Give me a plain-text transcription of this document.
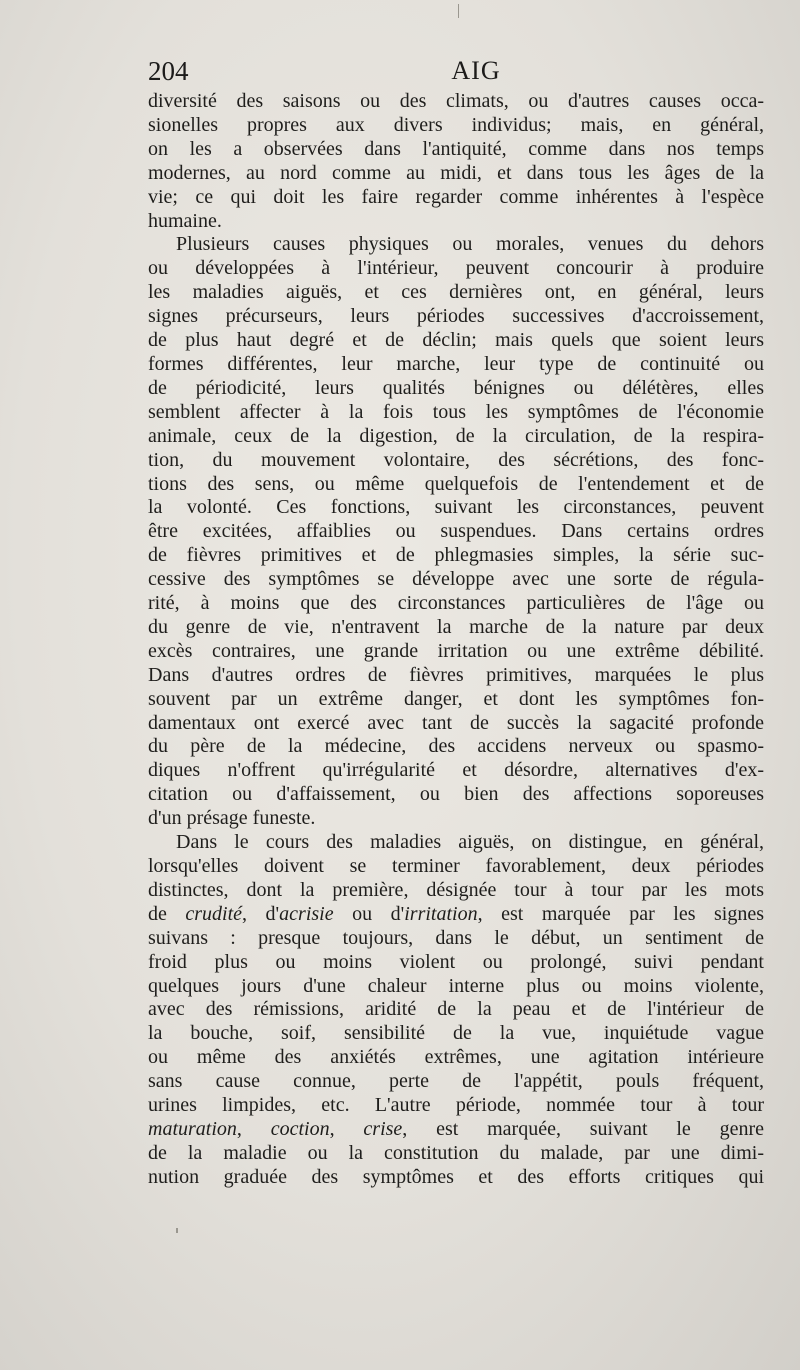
204	AIG

diversité des saisons ou des climats, ou d'autres causes occa-
sionelles propres aux divers individus; mais, en général,
on les a observées dans l'antiquité, comme dans nos temps
modernes, au nord comme au midi, et dans tous les âges de la
vie; ce qui doit les faire regarder comme inhérentes à l'espèce
humaine.

Plusieurs causes physiques ou morales, venues du dehors
ou développées à l'intérieur, peuvent concourir à produire
les maladies aiguës, et ces dernières ont, en général, leurs
signes précurseurs, leurs périodes successives d'accroissement,
de plus haut degré et de déclin; mais quels que soient leurs
formes différentes, leur marche, leur type de continuité ou
de périodicité, leurs qualités bénignes ou délétères, elles
semblent affecter à la fois tous les symptômes de l'économie
animale, ceux de la digestion, de la circulation, de la respira-
tion, du mouvement volontaire, des sécrétions, des fonc-
tions des sens, ou même quelquefois de l'entendement et de
la volonté. Ces fonctions, suivant les circonstances, peuvent
être excitées, affaiblies ou suspendues. Dans certains ordres
de fièvres primitives et de phlegmasies simples, la série suc-
cessive des symptômes se développe avec une sorte de régula-
rité, à moins que des circonstances particulières de l'âge ou
du genre de vie, n'entravent la marche de la nature par deux
excès contraires, une grande irritation ou une extrême débilité.
Dans d'autres ordres de fièvres primitives, marquées le plus
souvent par un extrême danger, et dont les symptômes fon-
damentaux ont exercé avec tant de succès la sagacité profonde
du père de la médecine, des accidens nerveux ou spasmo-
diques n'offrent qu'irrégularité et désordre, alternatives d'ex-
citation ou d'affaissement, ou bien des affections soporeuses
d'un présage funeste.

Dans le cours des maladies aiguës, on distingue, en général,
lorsqu'elles doivent se terminer favorablement, deux périodes
distinctes, dont la première, désignée tour à tour par les mots
de crudité, d'acrisie ou d'irritation, est marquée par les signes
suivans : presque toujours, dans le début, un sentiment de
froid plus ou moins violent ou prolongé, suivi pendant
quelques jours d'une chaleur interne plus ou moins violente,
avec des rémissions, aridité de la peau et de l'intérieur de
la bouche, soif, sensibilité de la vue, inquiétude vague
ou même des anxiétés extrêmes, une agitation intérieure
sans cause connue, perte de l'appétit, pouls fréquent,
urines limpides, etc. L'autre période, nommée tour à tour
maturation, coction, crise, est marquée, suivant le genre
de la maladie ou la constitution du malade, par une dimi-
nution graduée des symptômes et des efforts critiques qui
